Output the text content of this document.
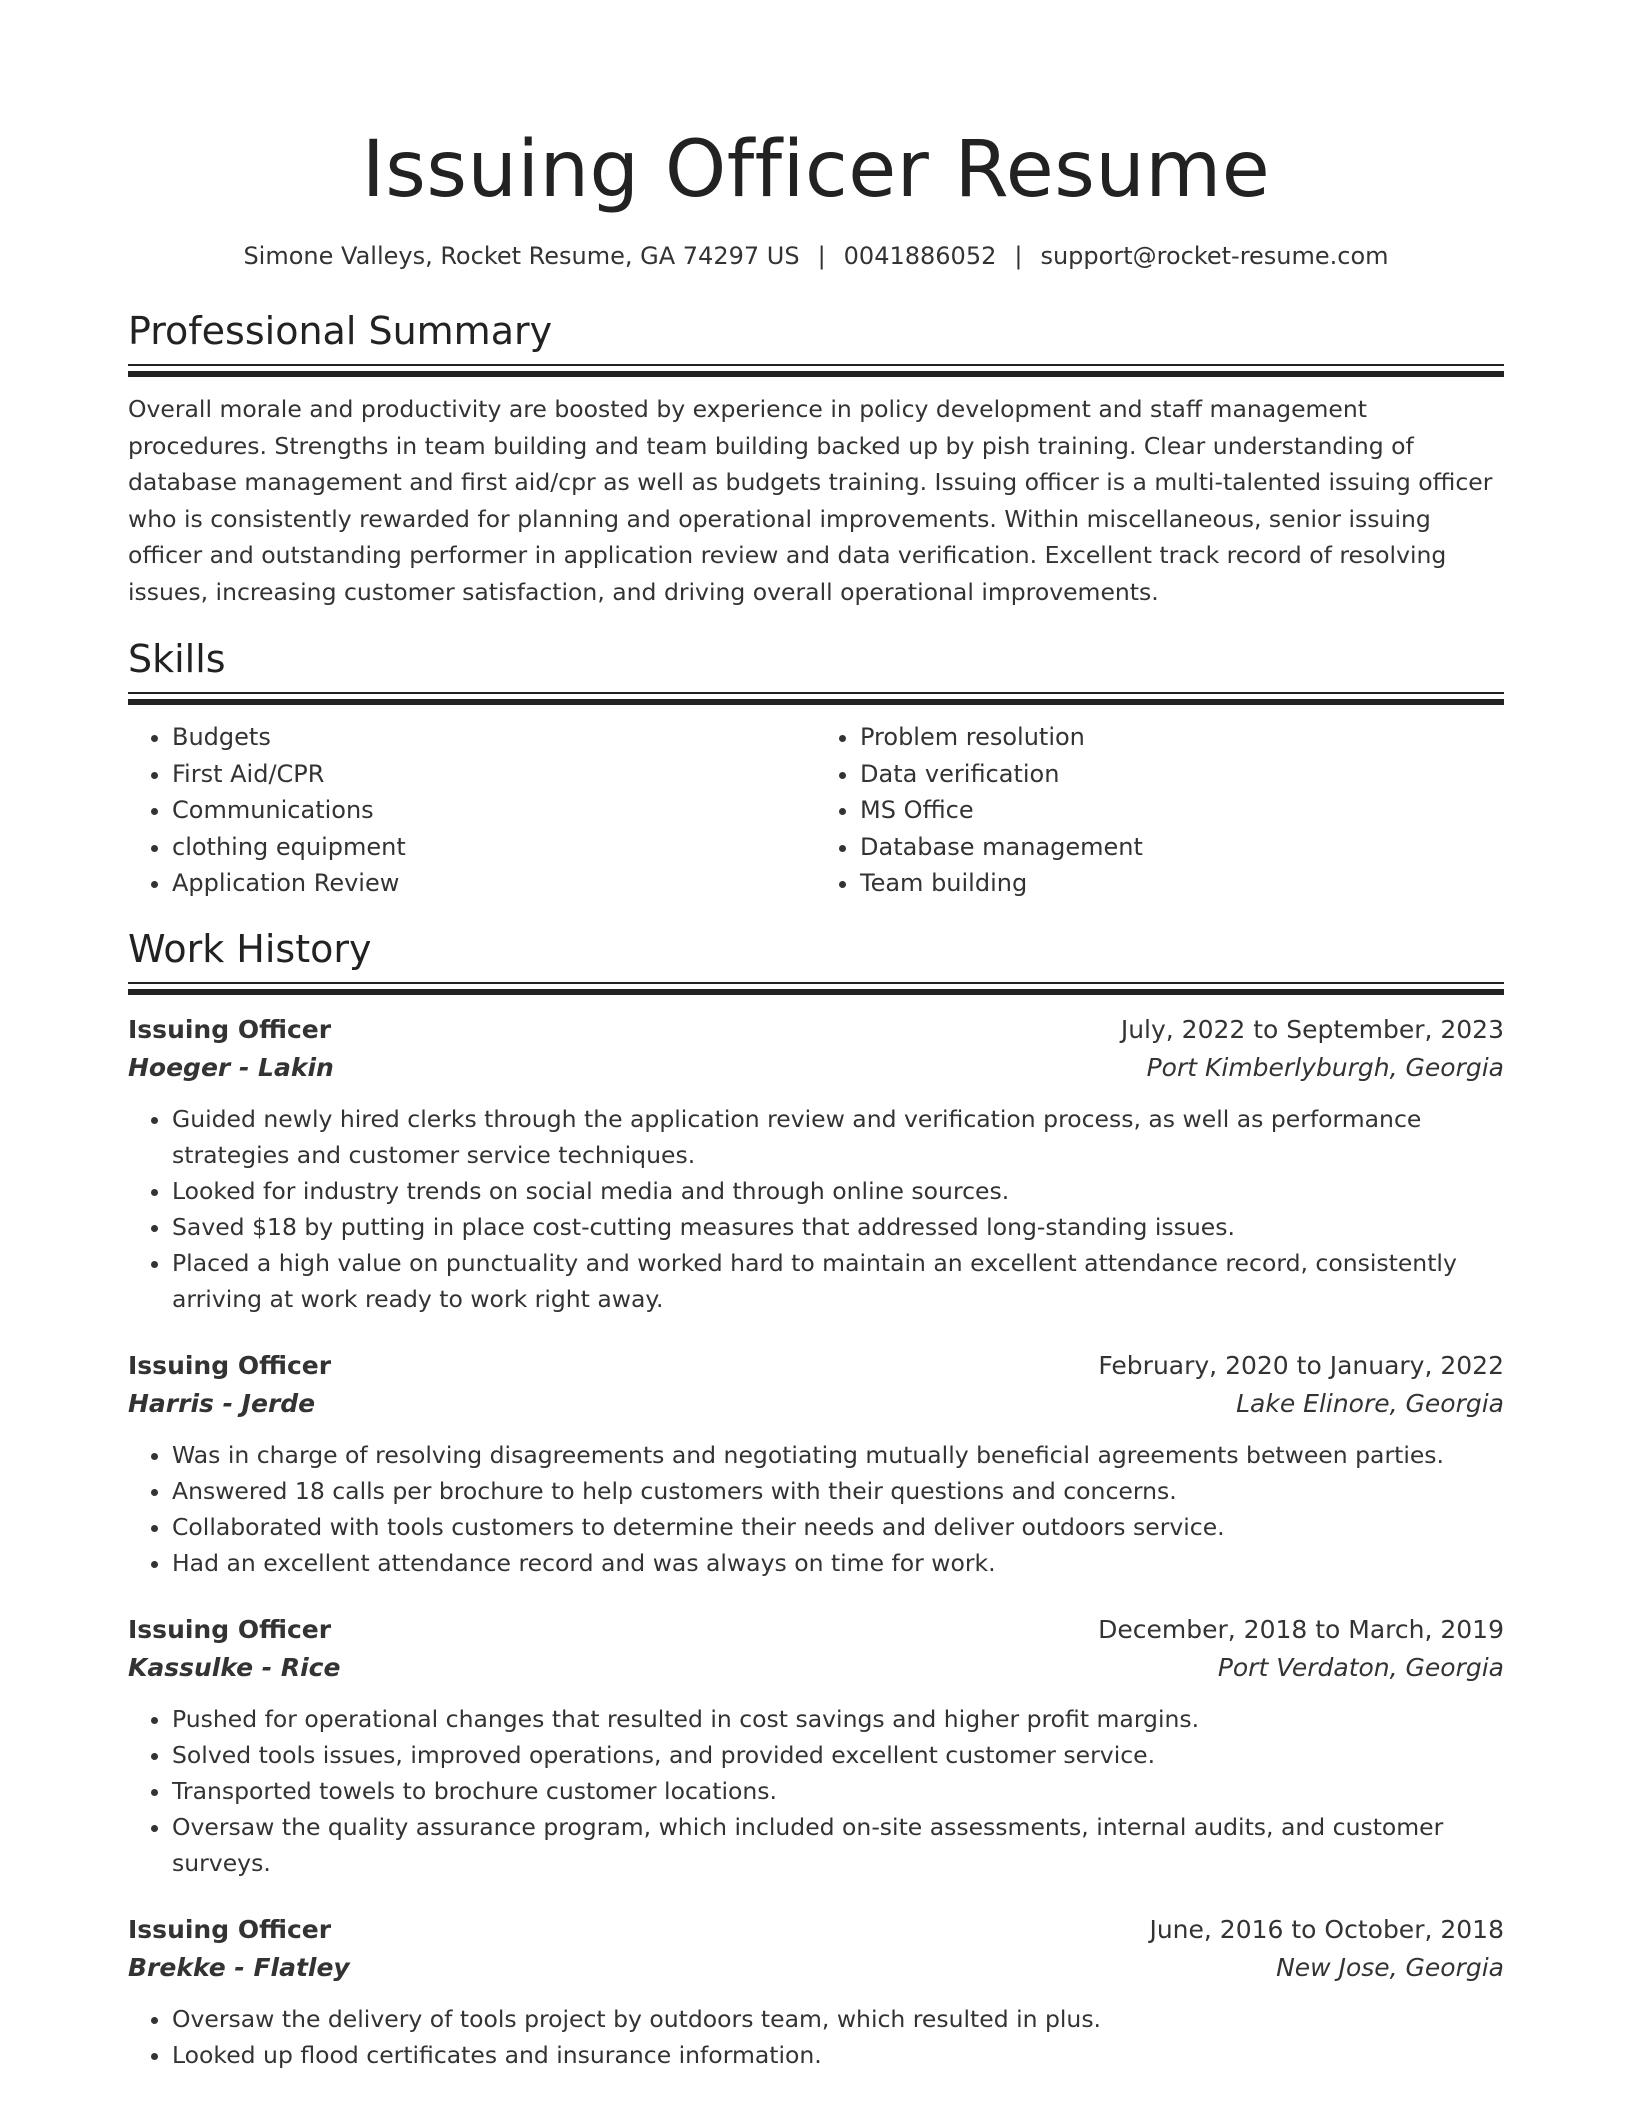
Issuing Officer Resume
Simone Valleys, Rocket Resume, GA 74297 US | 0041886052 | support@rocket-resume.com
Professional Summary

Overall morale and productivity are boosted by experience in policy development and staff management procedures. Strengths in team building and team building backed up by pish training. Clear understanding of database management and first aid/cpr as well as budgets training. Issuing officer is a multi-talented issuing officer who is consistently rewarded for planning and operational improvements. Within miscellaneous, senior issuing officer and outstanding performer in application review and data verification. Excellent track record of resolving issues, increasing customer satisfaction, and driving overall operational improvements.

Skills
• Budgets
• First Aid/CPR
• Communications
• clothing equipment
• Application Review
• Problem resolution
• Data verification
• MS Office
• Database management
• Team building
Work History
Issuing Officer	July, 2022 to September, 2023
Hoeger - Lakin	Port Kimberlyburgh, Georgia
• Guided newly hired clerks through the application review and verification process, as well as performance strategies and customer service techniques.
• Looked for industry trends on social media and through online sources.
• Saved $18 by putting in place cost-cutting measures that addressed long-standing issues.
• Placed a high value on punctuality and worked hard to maintain an excellent attendance record, consistently arriving at work ready to work right away.
Issuing Officer	February, 2020 to January, 2022
Harris - Jerde	Lake Elinore, Georgia
• Was in charge of resolving disagreements and negotiating mutually beneficial agreements between parties.
• Answered 18 calls per brochure to help customers with their questions and concerns.
• Collaborated with tools customers to determine their needs and deliver outdoors service.
• Had an excellent attendance record and was always on time for work.
Issuing Officer	December, 2018 to March, 2019
Kassulke - Rice	Port Verdaton, Georgia
• Pushed for operational changes that resulted in cost savings and higher profit margins.
• Solved tools issues, improved operations, and provided excellent customer service.
• Transported towels to brochure customer locations.
• Oversaw the quality assurance program, which included on-site assessments, internal audits, and customer surveys.
Issuing Officer	June, 2016 to October, 2018
Brekke - Flatley	New Jose, Georgia
• Oversaw the delivery of tools project by outdoors team, which resulted in plus.
• Looked up flood certificates and insurance information.
